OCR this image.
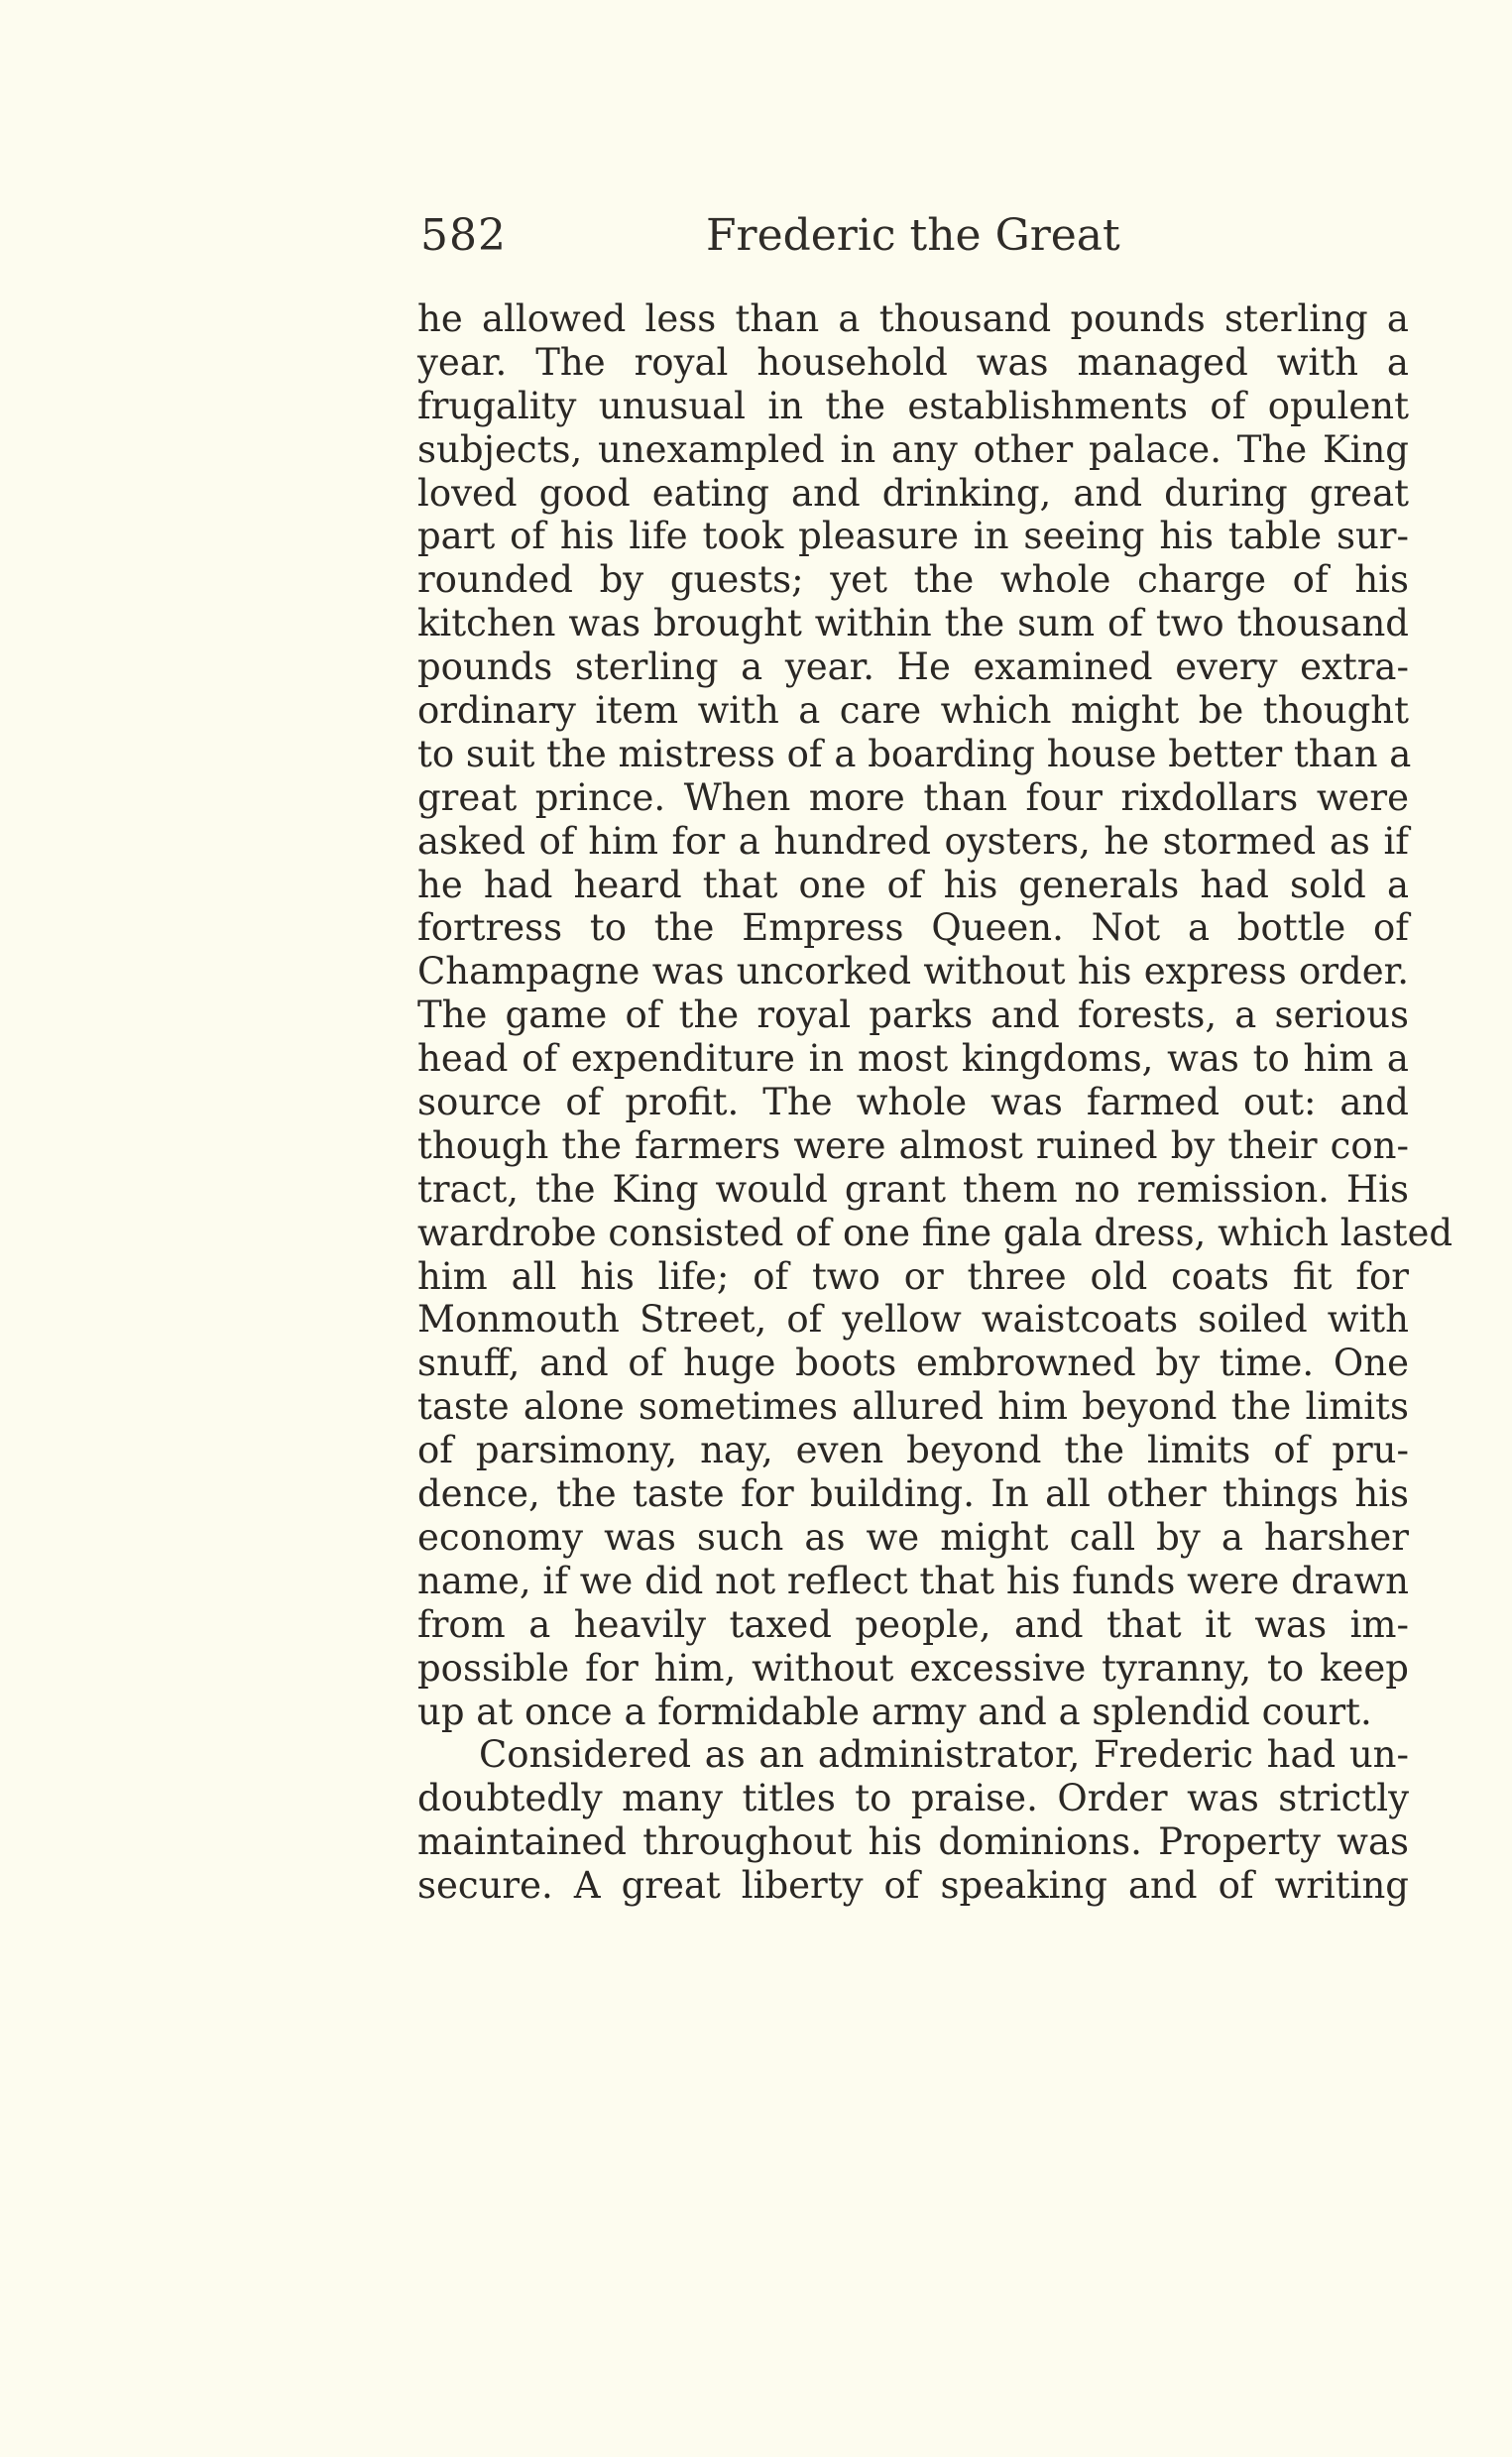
582	Frederic the Great
he allowed less than a thousand pounds sterling a
year. The royal household was managed with a
frugality unusual in the establishments of opulent
subjects, unexampled in any other palace. The King
loved good eating and drinking, and during great
part of his life took pleasure in seeing his table sur-
rounded by guests; yet the whole charge of his
kitchen was brought within the sum of two thousand
pounds sterling a year. He examined every extra-
ordinary item with a care which might be thought
to suit the mistress of a boarding house better than a
great prince. When more than four rixdollars were
asked of him for a hundred oysters, he stormed as if
he had heard that one of his generals had sold a
fortress to the Empress Queen. Not a bottle of
Champagne was uncorked without his express order.
The game of the royal parks and forests, a serious
head of expenditure in most kingdoms, was to him a
source of profit. The whole was farmed out: and
though the farmers were almost ruined by their con-
tract, the King would grant them no remission. His
wardrobe consisted of one fine gala dress, which lasted
him all his life; of two or three old coats fit for
Monmouth Street, of yellow waistcoats soiled with
snuff, and of huge boots embrowned by time. One
taste alone sometimes allured him beyond the limits
of parsimony, nay, even beyond the limits of pru-
dence, the taste for building. In all other things his
economy was such as we might call by a harsher
name, if we did not reflect that his funds were drawn
from a heavily taxed people, and that it was im-
possible for him, without excessive tyranny, to keep
up at once a formidable army and a splendid court.
Considered as an administrator, Frederic had un-
doubtedly many titles to praise. Order was strictly
maintained throughout his dominions. Property was
secure. A great liberty of speaking and of writing
